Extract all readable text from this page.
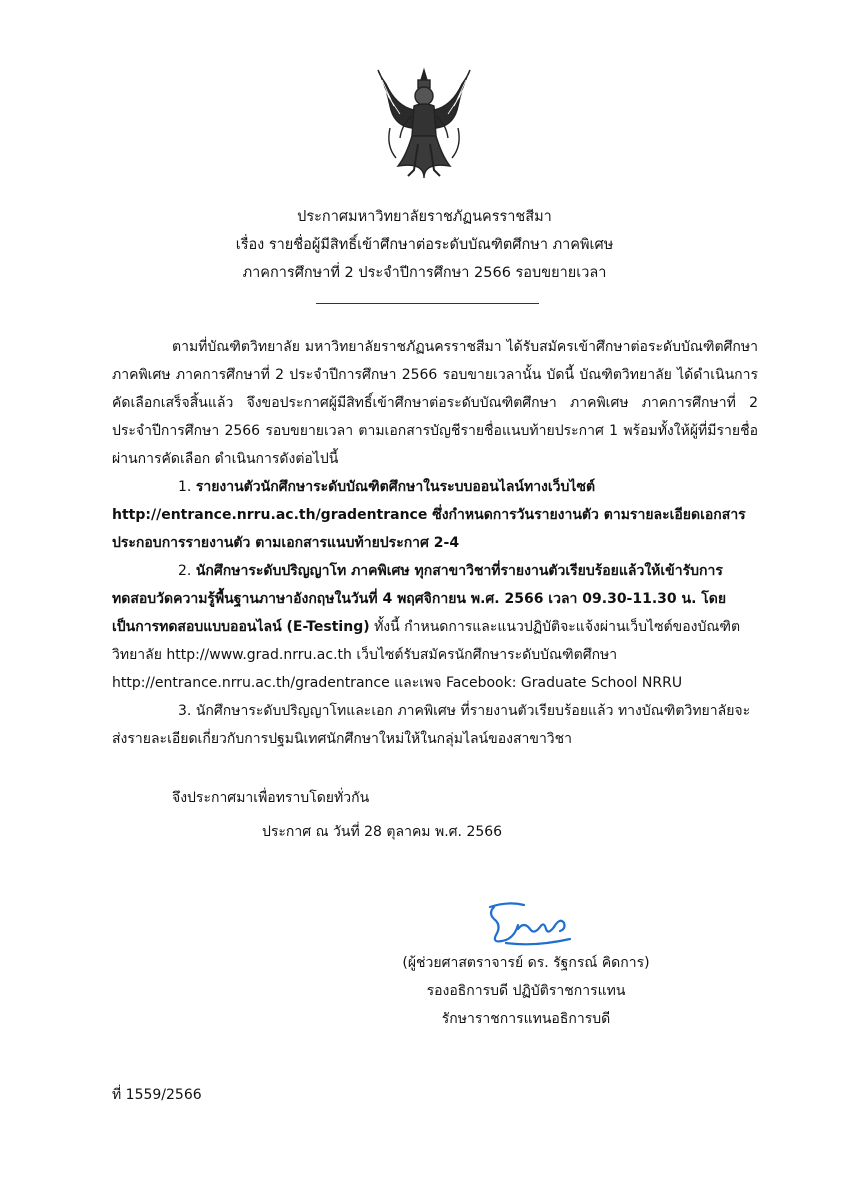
ประกาศมหาวิทยาลัยราชภัฏนครราชสีมา
เรื่อง รายชื่อผู้มีสิทธิ์เข้าศึกษาต่อระดับบัณฑิตศึกษา ภาคพิเศษ
ภาคการศึกษาที่ 2 ประจำปีการศึกษา 2566 รอบขยายเวลา

ตามที่บัณฑิตวิทยาลัย มหาวิทยาลัยราชภัฏนครราชสีมา ได้รับสมัครเข้าศึกษาต่อระดับบัณฑิตศึกษา ภาคพิเศษ ภาคการศึกษาที่ 2 ประจำปีการศึกษา 2566 รอบขายเวลานั้น บัดนี้ บัณฑิตวิทยาลัย ได้ดำเนินการคัดเลือกเสร็จสิ้นแล้ว จึงขอประกาศผู้มีสิทธิ์เข้าศึกษาต่อระดับบัณฑิตศึกษา ภาคพิเศษ ภาคการศึกษาที่ 2 ประจำปีการศึกษา 2566 รอบขยายเวลา ตามเอกสารบัญชีรายชื่อแนบท้ายประกาศ 1 พร้อมทั้งให้ผู้ที่มีรายชื่อผ่านการคัดเลือก ดำเนินการดังต่อไปนี้

1. รายงานตัวนักศึกษาระดับบัณฑิตศึกษาในระบบออนไลน์ทางเว็บไซต์ http://entrance.nrru.ac.th/gradentrance ซึ่งกำหนดการวันรายงานตัว ตามรายละเอียดเอกสารประกอบการรายงานตัว ตามเอกสารแนบท้ายประกาศ 2-4

2. นักศึกษาระดับปริญญาโท ภาคพิเศษ ทุกสาขาวิชาที่รายงานตัวเรียบร้อยแล้วให้เข้ารับการทดสอบวัดความรู้พื้นฐานภาษาอังกฤษในวันที่ 4 พฤศจิกายน พ.ศ. 2566 เวลา 09.30-11.30 น. โดยเป็นการทดสอบแบบออนไลน์ (E-Testing) ทั้งนี้ กำหนดการและแนวปฏิบัติจะแจ้งผ่านเว็บไซต์ของบัณฑิตวิทยาลัย http://www.grad.nrru.ac.th เว็บไซต์รับสมัครนักศึกษาระดับบัณฑิตศึกษา http://entrance.nrru.ac.th/gradentrance และเพจ Facebook: Graduate School NRRU

3. นักศึกษาระดับปริญญาโทและเอก ภาคพิเศษ ที่รายงานตัวเรียบร้อยแล้ว ทางบัณฑิตวิทยาลัยจะส่งรายละเอียดเกี่ยวกับการปฐมนิเทศนักศึกษาใหม่ให้ในกลุ่มไลน์ของสาขาวิชา

จึงประกาศมาเพื่อทราบโดยทั่วกัน
ประกาศ ณ วันที่ 28 ตุลาคม พ.ศ. 2566
(ผู้ช่วยศาสตราจารย์ ดร. รัฐกรณ์ คิดการ)
รองอธิการบดี ปฏิบัติราชการแทน
รักษาราชการแทนอธิการบดี
ที่ 1559/2566
